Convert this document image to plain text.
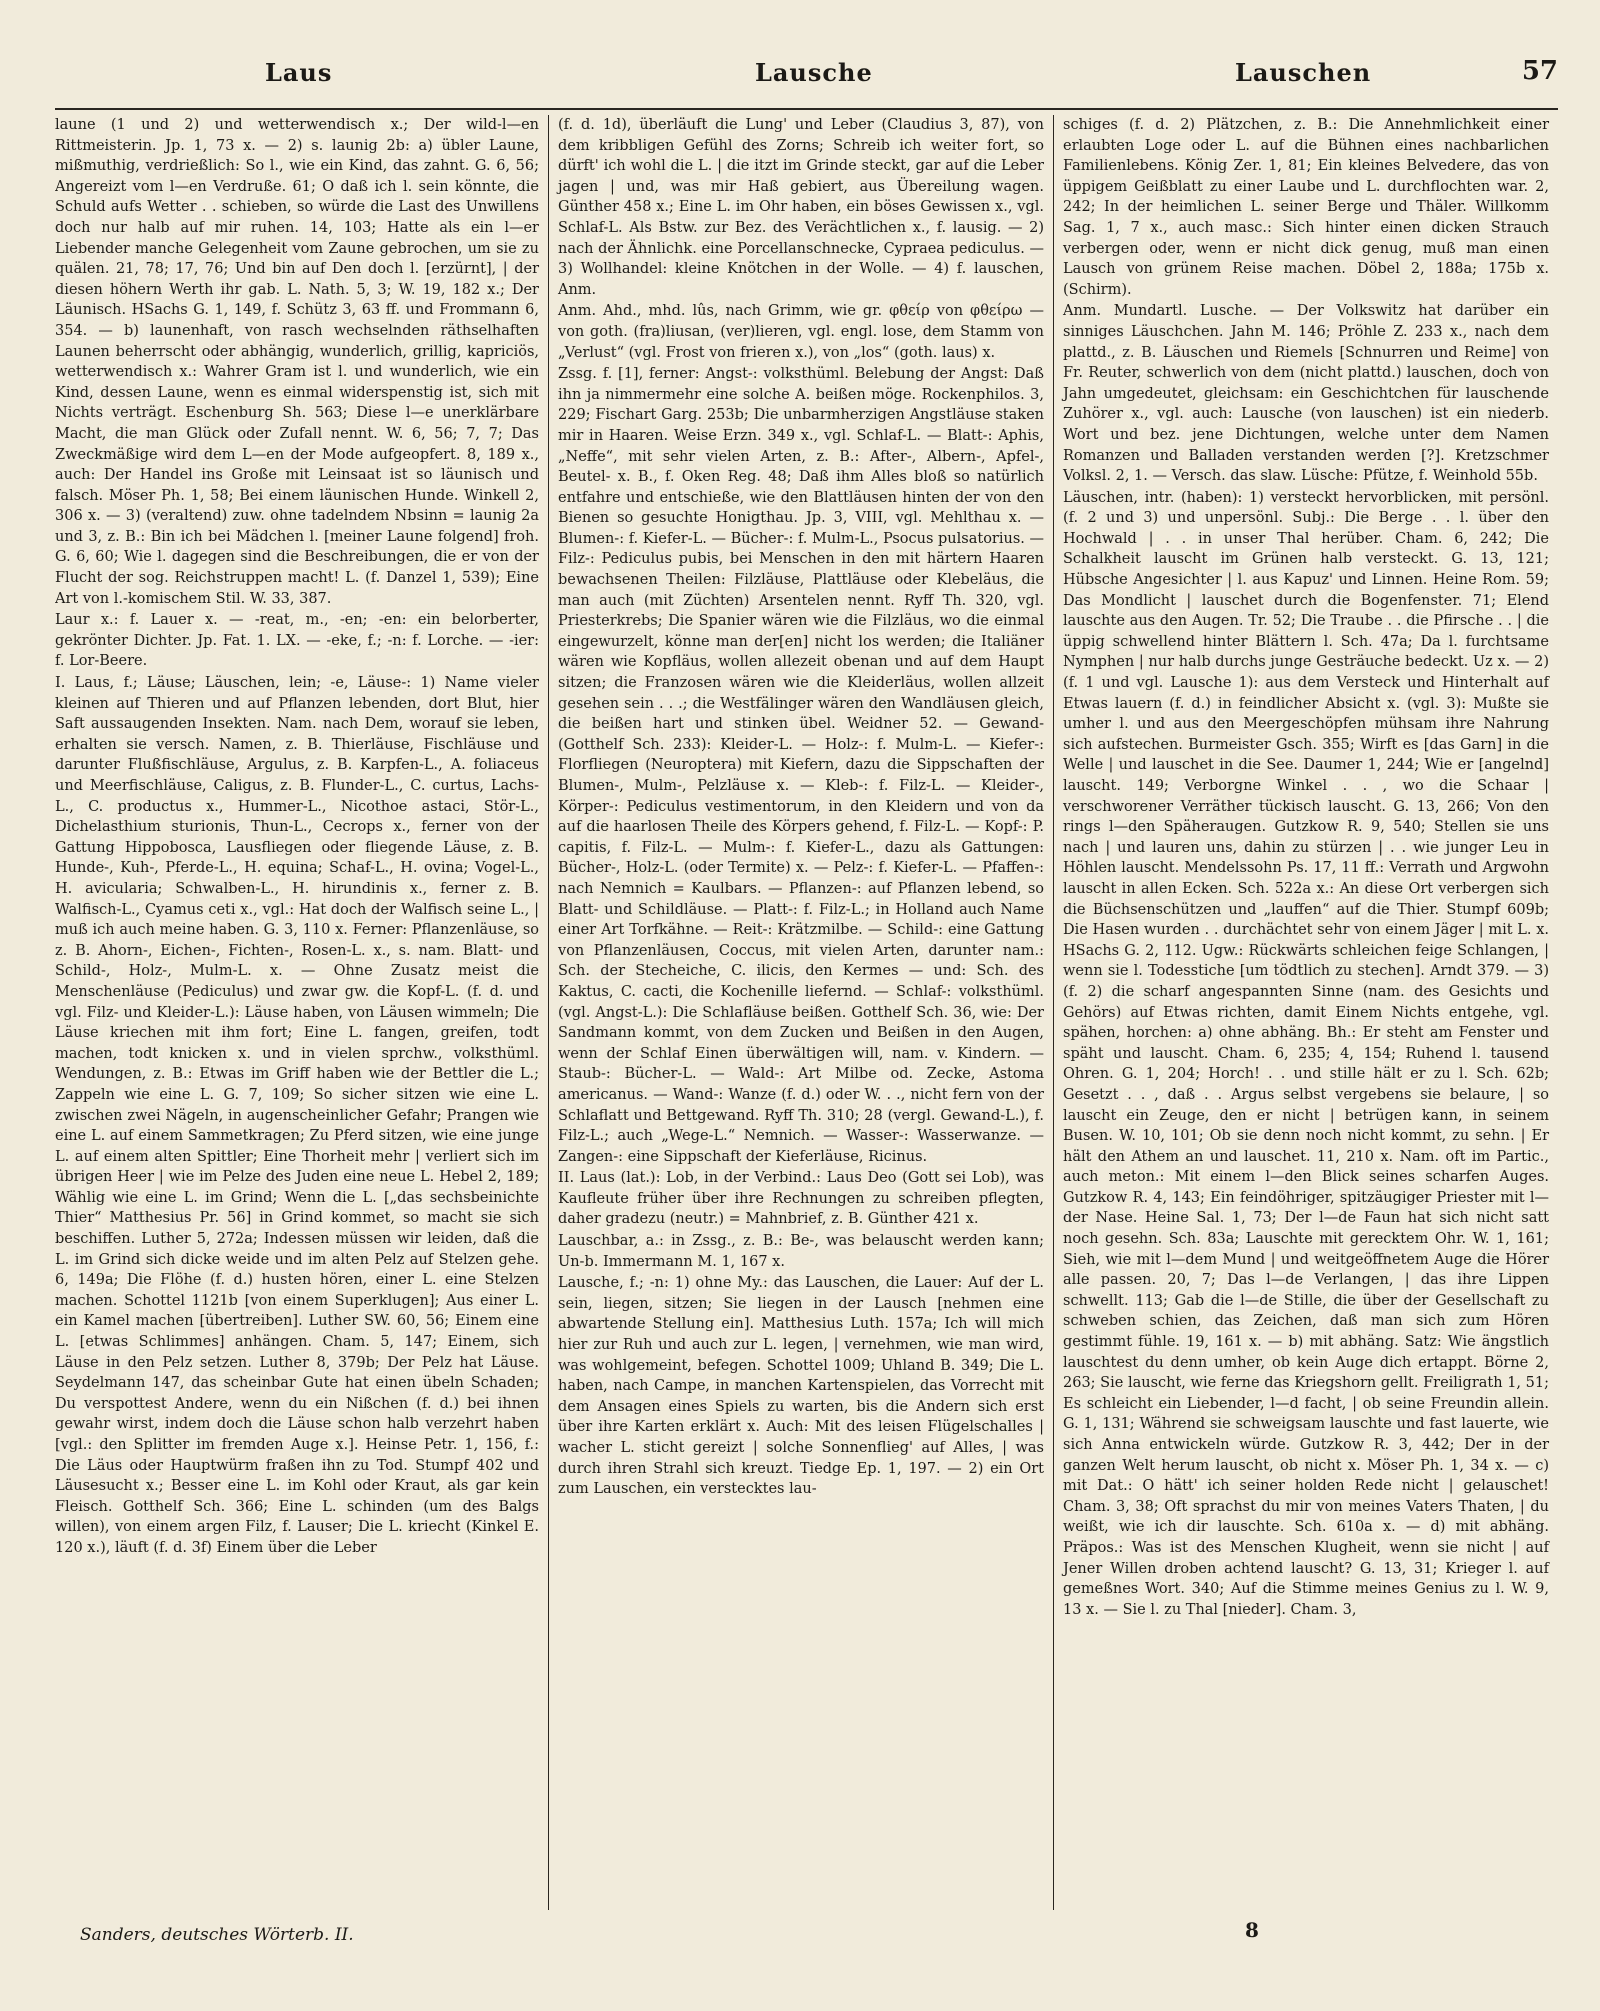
Laus	Lausche	Lauschen	57

laune (1 und 2) und wetterwendisch x.; Der wild-l—en Rittmeisterin. Jp. 1, 73 x. — 2) s. launig 2b: a) übler Laune, mißmuthig, verdrießlich: So l., wie ein Kind, das zahnt. G. 6, 56; Angereizt vom l—en Verdruße. 61; O daß ich l. sein könnte, die Schuld aufs Wetter . . schieben, so würde die Last des Unwillens doch nur halb auf mir ruhen. 14, 103; Hatte als ein l—er Liebender manche Gelegenheit vom Zaune gebrochen, um sie zu quälen. 21, 78; 17, 76; Und bin auf Den doch l. [erzürnt], | der diesen höhern Werth ihr gab. L. Nath. 5, 3; W. 19, 182 x.; Der Läunisch. HSachs G. 1, 149, f. Schütz 3, 63 ff. und Frommann 6, 354. — b) launenhaft, von rasch wechselnden räthselhaften Launen beherrscht oder abhängig, wunderlich, grillig, kapriciös, wetterwendisch x.: Wahrer Gram ist l. und wunderlich, wie ein Kind, dessen Laune, wenn es einmal widerspenstig ist, sich mit Nichts verträgt. Eschenburg Sh. 563; Diese l—e unerklärbare Macht, die man Glück oder Zufall nennt. W. 6, 56; 7, 7; Das Zweckmäßige wird dem L—en der Mode aufgeopfert. 8, 189 x., auch: Der Handel ins Große mit Leinsaat ist so läunisch und falsch. Möser Ph. 1, 58; Bei einem läunischen Hunde. Winkell 2, 306 x. — 3) (veraltend) zuw. ohne tadelndem Nbsinn = launig 2a und 3, z. B.: Bin ich bei Mädchen l. [meiner Laune folgend] froh. G. 6, 60; Wie l. dagegen sind die Beschreibungen, die er von der Flucht der sog. Reichstruppen macht! L. (f. Danzel 1, 539); Eine Art von l.-komischem Stil. W. 33, 387.

Laur x.: f. Lauer x. — -reat, m., -en; -en: ein belorberter, gekrönter Dichter. Jp. Fat. 1. LX. — -eke, f.; -n: f. Lorche. — -ier: f. Lor-Beere.

I. Laus, f.; Läuse; Läuschen, lein; -e, Läuse-: 1) Name vieler kleinen auf Thieren und auf Pflanzen lebenden, dort Blut, hier Saft aussaugenden Insekten. Nam. nach Dem, worauf sie leben, erhalten sie versch. Namen, z. B. Thierläuse, Fischläuse und darunter Flußfischläuse, Argulus, z. B. Karpfen-L., A. foliaceus und Meerfischläuse, Caligus, z. B. Flunder-L., C. curtus, Lachs-L., C. productus x., Hummer-L., Nicothoe astaci, Stör-L., Dichelasthium sturionis, Thun-L., Cecrops x., ferner von der Gattung Hippobosca, Lausfliegen oder fliegende Läuse, z. B. Hunde-, Kuh-, Pferde-L., H. equina; Schaf-L., H. ovina; Vogel-L., H. avicularia; Schwalben-L., H. hirundinis x., ferner z. B. Walfisch-L., Cyamus ceti x., vgl.: Hat doch der Walfisch seine L., | muß ich auch meine haben. G. 3, 110 x. Ferner: Pflanzenläuse, so z. B. Ahorn-, Eichen-, Fichten-, Rosen-L. x., s. nam. Blatt- und Schild-, Holz-, Mulm-L. x. — Ohne Zusatz meist die Menschenläuse (Pediculus) und zwar gw. die Kopf-L. (f. d. und vgl. Filz- und Kleider-L.): Läuse haben, von Läusen wimmeln; Die Läuse kriechen mit ihm fort; Eine L. fangen, greifen, todt machen, todt knicken x. und in vielen sprchw., volksthüml. Wendungen, z. B.: Etwas im Griff haben wie der Bettler die L.; Zappeln wie eine L. G. 7, 109; So sicher sitzen wie eine L. zwischen zwei Nägeln, in augenscheinlicher Gefahr; Prangen wie eine L. auf einem Sammetkragen; Zu Pferd sitzen, wie eine junge L. auf einem alten Spittler; Eine Thorheit mehr | verliert sich im übrigen Heer | wie im Pelze des Juden eine neue L. Hebel 2, 189; Wählig wie eine L. im Grind; Wenn die L. [„das sechsbeinichte Thier“ Matthesius Pr. 56] in Grind kommet, so macht sie sich beschiffen. Luther 5, 272a; Indessen müssen wir leiden, daß die L. im Grind sich dicke weide und im alten Pelz auf Stelzen gehe. 6, 149a; Die Flöhe (f. d.) husten hören, einer L. eine Stelzen machen. Schottel 1121b [von einem Superklugen]; Aus einer L. ein Kamel machen [übertreiben]. Luther SW. 60, 56; Einem eine L. [etwas Schlimmes] anhängen. Cham. 5, 147; Einem, sich Läuse in den Pelz setzen. Luther 8, 379b; Der Pelz hat Läuse. Seydelmann 147, das scheinbar Gute hat einen übeln Schaden; Du verspottest Andere, wenn du ein Nißchen (f. d.) bei ihnen gewahr wirst, indem doch die Läuse schon halb verzehrt haben [vgl.: den Splitter im fremden Auge x.]. Heinse Petr. 1, 156, f.: Die Läus oder Hauptwürm fraßen ihn zu Tod. Stumpf 402 und Läusesucht x.; Besser eine L. im Kohl oder Kraut, als gar kein Fleisch. Gotthelf Sch. 366; Eine L. schinden (um des Balgs willen), von einem argen Filz, f. Lauser; Die L. kriecht (Kinkel E. 120 x.), läuft (f. d. 3f) Einem über die Leber

(f. d. 1d), überläuft die Lung' und Leber (Claudius 3, 87), von dem kribbligen Gefühl des Zorns; Schreib ich weiter fort, so dürft' ich wohl die L. | die itzt im Grinde steckt, gar auf die Leber jagen | und, was mir Haß gebiert, aus Übereilung wagen. Günther 458 x.; Eine L. im Ohr haben, ein böses Gewissen x., vgl. Schlaf-L. Als Bstw. zur Bez. des Verächtlichen x., f. lausig. — 2) nach der Ähnlichk. eine Porcellanschnecke, Cypraea pediculus. — 3) Wollhandel: kleine Knötchen in der Wolle. — 4) f. lauschen, Anm.

Anm. Ahd., mhd. lûs, nach Grimm, wie gr. φθείρ von φθείρω — von goth. (fra)liusan, (ver)lieren, vgl. engl. lose, dem Stamm von „Verlust“ (vgl. Frost von frieren x.), von „los“ (goth. laus) x.

Zssg. f. [1], ferner: Angst-: volksthüml. Belebung der Angst: Daß ihn ja nimmermehr eine solche A. beißen möge. Rockenphilos. 3, 229; Fischart Garg. 253b; Die unbarmherzigen Angstläuse staken mir in Haaren. Weise Erzn. 349 x., vgl. Schlaf-L. — Blatt-: Aphis, „Neffe“, mit sehr vielen Arten, z. B.: After-, Albern-, Apfel-, Beutel- x. B., f. Oken Reg. 48; Daß ihm Alles bloß so natürlich entfahre und entschieße, wie den Blattläusen hinten der von den Bienen so gesuchte Honigthau. Jp. 3, VIII, vgl. Mehlthau x. — Blumen-: f. Kiefer-L. — Bücher-: f. Mulm-L., Psocus pulsatorius. — Filz-: Pediculus pubis, bei Menschen in den mit härtern Haaren bewachsenen Theilen: Filzläuse, Plattläuse oder Klebeläus, die man auch (mit Züchten) Arsentelen nennt. Ryff Th. 320, vgl. Priesterkrebs; Die Spanier wären wie die Filzläus, wo die einmal eingewurzelt, könne man der[en] nicht los werden; die Italiäner wären wie Kopfläus, wollen allezeit obenan und auf dem Haupt sitzen; die Franzosen wären wie die Kleiderläus, wollen allzeit gesehen sein . . .; die Westfälinger wären den Wandläusen gleich, die beißen hart und stinken übel. Weidner 52. — Gewand- (Gotthelf Sch. 233): Kleider-L. — Holz-: f. Mulm-L. — Kiefer-: Florfliegen (Neuroptera) mit Kiefern, dazu die Sippschaften der Blumen-, Mulm-, Pelzläuse x. — Kleb-: f. Filz-L. — Kleider-, Körper-: Pediculus vestimentorum, in den Kleidern und von da auf die haarlosen Theile des Körpers gehend, f. Filz-L. — Kopf-: P. capitis, f. Filz-L. — Mulm-: f. Kiefer-L., dazu als Gattungen: Bücher-, Holz-L. (oder Termite) x. — Pelz-: f. Kiefer-L. — Pfaffen-: nach Nemnich = Kaulbars. — Pflanzen-: auf Pflanzen lebend, so Blatt- und Schildläuse. — Platt-: f. Filz-L.; in Holland auch Name einer Art Torfkähne. — Reit-: Krätzmilbe. — Schild-: eine Gattung von Pflanzenläusen, Coccus, mit vielen Arten, darunter nam.: Sch. der Stecheiche, C. ilicis, den Kermes — und: Sch. des Kaktus, C. cacti, die Kochenille liefernd. — Schlaf-: volksthüml. (vgl. Angst-L.): Die Schlafläuse beißen. Gotthelf Sch. 36, wie: Der Sandmann kommt, von dem Zucken und Beißen in den Augen, wenn der Schlaf Einen überwältigen will, nam. v. Kindern. — Staub-: Bücher-L. — Wald-: Art Milbe od. Zecke, Astoma americanus. — Wand-: Wanze (f. d.) oder W. . ., nicht fern von der Schlaflatt und Bettgewand. Ryff Th. 310; 28 (vergl. Gewand-L.), f. Filz-L.; auch „Wege-L.“ Nemnich. — Wasser-: Wasserwanze. — Zangen-: eine Sippschaft der Kieferläuse, Ricinus.

II. Laus (lat.): Lob, in der Verbind.: Laus Deo (Gott sei Lob), was Kaufleute früher über ihre Rechnungen zu schreiben pflegten, daher gradezu (neutr.) = Mahnbrief, z. B. Günther 421 x.

Lauschbar, a.: in Zssg., z. B.: Be-, was belauscht werden kann; Un-b. Immermann M. 1, 167 x.

Lausche, f.; -n: 1) ohne My.: das Lauschen, die Lauer: Auf der L. sein, liegen, sitzen; Sie liegen in der Lausch [nehmen eine abwartende Stellung ein]. Matthesius Luth. 157a; Ich will mich hier zur Ruh und auch zur L. legen, | vernehmen, wie man wird, was wohlgemeint, befegen. Schottel 1009; Uhland B. 349; Die L. haben, nach Campe, in manchen Kartenspielen, das Vorrecht mit dem Ansagen eines Spiels zu warten, bis die Andern sich erst über ihre Karten erklärt x. Auch: Mit des leisen Flügelschalles | wacher L. sticht gereizt | solche Sonnenflieg' auf Alles, | was durch ihren Strahl sich kreuzt. Tiedge Ep. 1, 197. — 2) ein Ort zum Lauschen, ein verstecktes lau-

schiges (f. d. 2) Plätzchen, z. B.: Die Annehmlichkeit einer erlaubten Loge oder L. auf die Bühnen eines nachbarlichen Familienlebens. König Zer. 1, 81; Ein kleines Belvedere, das von üppigem Geißblatt zu einer Laube und L. durchflochten war. 2, 242; In der heimlichen L. seiner Berge und Thäler. Willkomm Sag. 1, 7 x., auch masc.: Sich hinter einen dicken Strauch verbergen oder, wenn er nicht dick genug, muß man einen Lausch von grünem Reise machen. Döbel 2, 188a; 175b x. (Schirm).

Anm. Mundartl. Lusche. — Der Volkswitz hat darüber ein sinniges Läuschchen. Jahn M. 146; Pröhle Z. 233 x., nach dem plattd., z. B. Läuschen und Riemels [Schnurren und Reime] von Fr. Reuter, schwerlich von dem (nicht plattd.) lauschen, doch von Jahn umgedeutet, gleichsam: ein Geschichtchen für lauschende Zuhörer x., vgl. auch: Lausche (von lauschen) ist ein niederb. Wort und bez. jene Dichtungen, welche unter dem Namen Romanzen und Balladen verstanden werden [?]. Kretzschmer Volksl. 2, 1. — Versch. das slaw. Lüsche: Pfütze, f. Weinhold 55b.

Läuschen, intr. (haben): 1) versteckt hervorblicken, mit persönl. (f. 2 und 3) und unpersönl. Subj.: Die Berge . . l. über den Hochwald | . . in unser Thal herüber. Cham. 6, 242; Die Schalkheit lauscht im Grünen halb versteckt. G. 13, 121; Hübsche Angesichter | l. aus Kapuz' und Linnen. Heine Rom. 59; Das Mondlicht | lauschet durch die Bogenfenster. 71; Elend lauschte aus den Augen. Tr. 52; Die Traube . . die Pfirsche . . | die üppig schwellend hinter Blättern l. Sch. 47a; Da l. furchtsame Nymphen | nur halb durchs junge Gesträuche bedeckt. Uz x. — 2) (f. 1 und vgl. Lausche 1): aus dem Versteck und Hinterhalt auf Etwas lauern (f. d.) in feindlicher Absicht x. (vgl. 3): Mußte sie umher l. und aus den Meergeschöpfen mühsam ihre Nahrung sich aufstechen. Burmeister Gsch. 355; Wirft es [das Garn] in die Welle | und lauschet in die See. Daumer 1, 244; Wie er [angelnd] lauscht. 149; Verborgne Winkel . . , wo die Schaar | verschworener Verräther tückisch lauscht. G. 13, 266; Von den rings l—den Späheraugen. Gutzkow R. 9, 540; Stellen sie uns nach | und lauren uns, dahin zu stürzen | . . wie junger Leu in Höhlen lauscht. Mendelssohn Ps. 17, 11 ff.: Verrath und Argwohn lauscht in allen Ecken. Sch. 522a x.: An diese Ort verbergen sich die Büchsenschützen und „lauffen“ auf die Thier. Stumpf 609b; Die Hasen wurden . . durchächtet sehr von einem Jäger | mit L. x. HSachs G. 2, 112. Ugw.: Rückwärts schleichen feige Schlangen, | wenn sie l. Todesstiche [um tödtlich zu stechen]. Arndt 379. — 3) (f. 2) die scharf angespannten Sinne (nam. des Gesichts und Gehörs) auf Etwas richten, damit Einem Nichts entgehe, vgl. spähen, horchen: a) ohne abhäng. Bh.: Er steht am Fenster und späht und lauscht. Cham. 6, 235; 4, 154; Ruhend l. tausend Ohren. G. 1, 204; Horch! . . und stille hält er zu l. Sch. 62b; Gesetzt . . , daß . . Argus selbst vergebens sie belaure, | so lauscht ein Zeuge, den er nicht | betrügen kann, in seinem Busen. W. 10, 101; Ob sie denn noch nicht kommt, zu sehn. | Er hält den Athem an und lauschet. 11, 210 x. Nam. oft im Partic., auch meton.: Mit einem l—den Blick seines scharfen Auges. Gutzkow R. 4, 143; Ein feindöhriger, spitzäugiger Priester mit l—der Nase. Heine Sal. 1, 73; Der l—de Faun hat sich nicht satt noch gesehn. Sch. 83a; Lauschte mit gerecktem Ohr. W. 1, 161; Sieh, wie mit l—dem Mund | und weitgeöffnetem Auge die Hörer alle passen. 20, 7; Das l—de Verlangen, | das ihre Lippen schwellt. 113; Gab die l—de Stille, die über der Gesellschaft zu schweben schien, das Zeichen, daß man sich zum Hören gestimmt fühle. 19, 161 x. — b) mit abhäng. Satz: Wie ängstlich lauschtest du denn umher, ob kein Auge dich ertappt. Börne 2, 263; Sie lauscht, wie ferne das Kriegshorn gellt. Freiligrath 1, 51; Es schleicht ein Liebender, l—d facht, | ob seine Freundin allein. G. 1, 131; Während sie schweigsam lauschte und fast lauerte, wie sich Anna entwickeln würde. Gutzkow R. 3, 442; Der in der ganzen Welt herum lauscht, ob nicht x. Möser Ph. 1, 34 x. — c) mit Dat.: O hätt' ich seiner holden Rede nicht | gelauschet! Cham. 3, 38; Oft sprachst du mir von meines Vaters Thaten, | du weißt, wie ich dir lauschte. Sch. 610a x. — d) mit abhäng. Präpos.: Was ist des Menschen Klugheit, wenn sie nicht | auf Jener Willen droben achtend lauscht? G. 13, 31; Krieger l. auf gemeßnes Wort. 340; Auf die Stimme meines Genius zu l. W. 9, 13 x. — Sie l. zu Thal [nieder]. Cham. 3,

Sanders, deutsches Wörterb. II.	8
